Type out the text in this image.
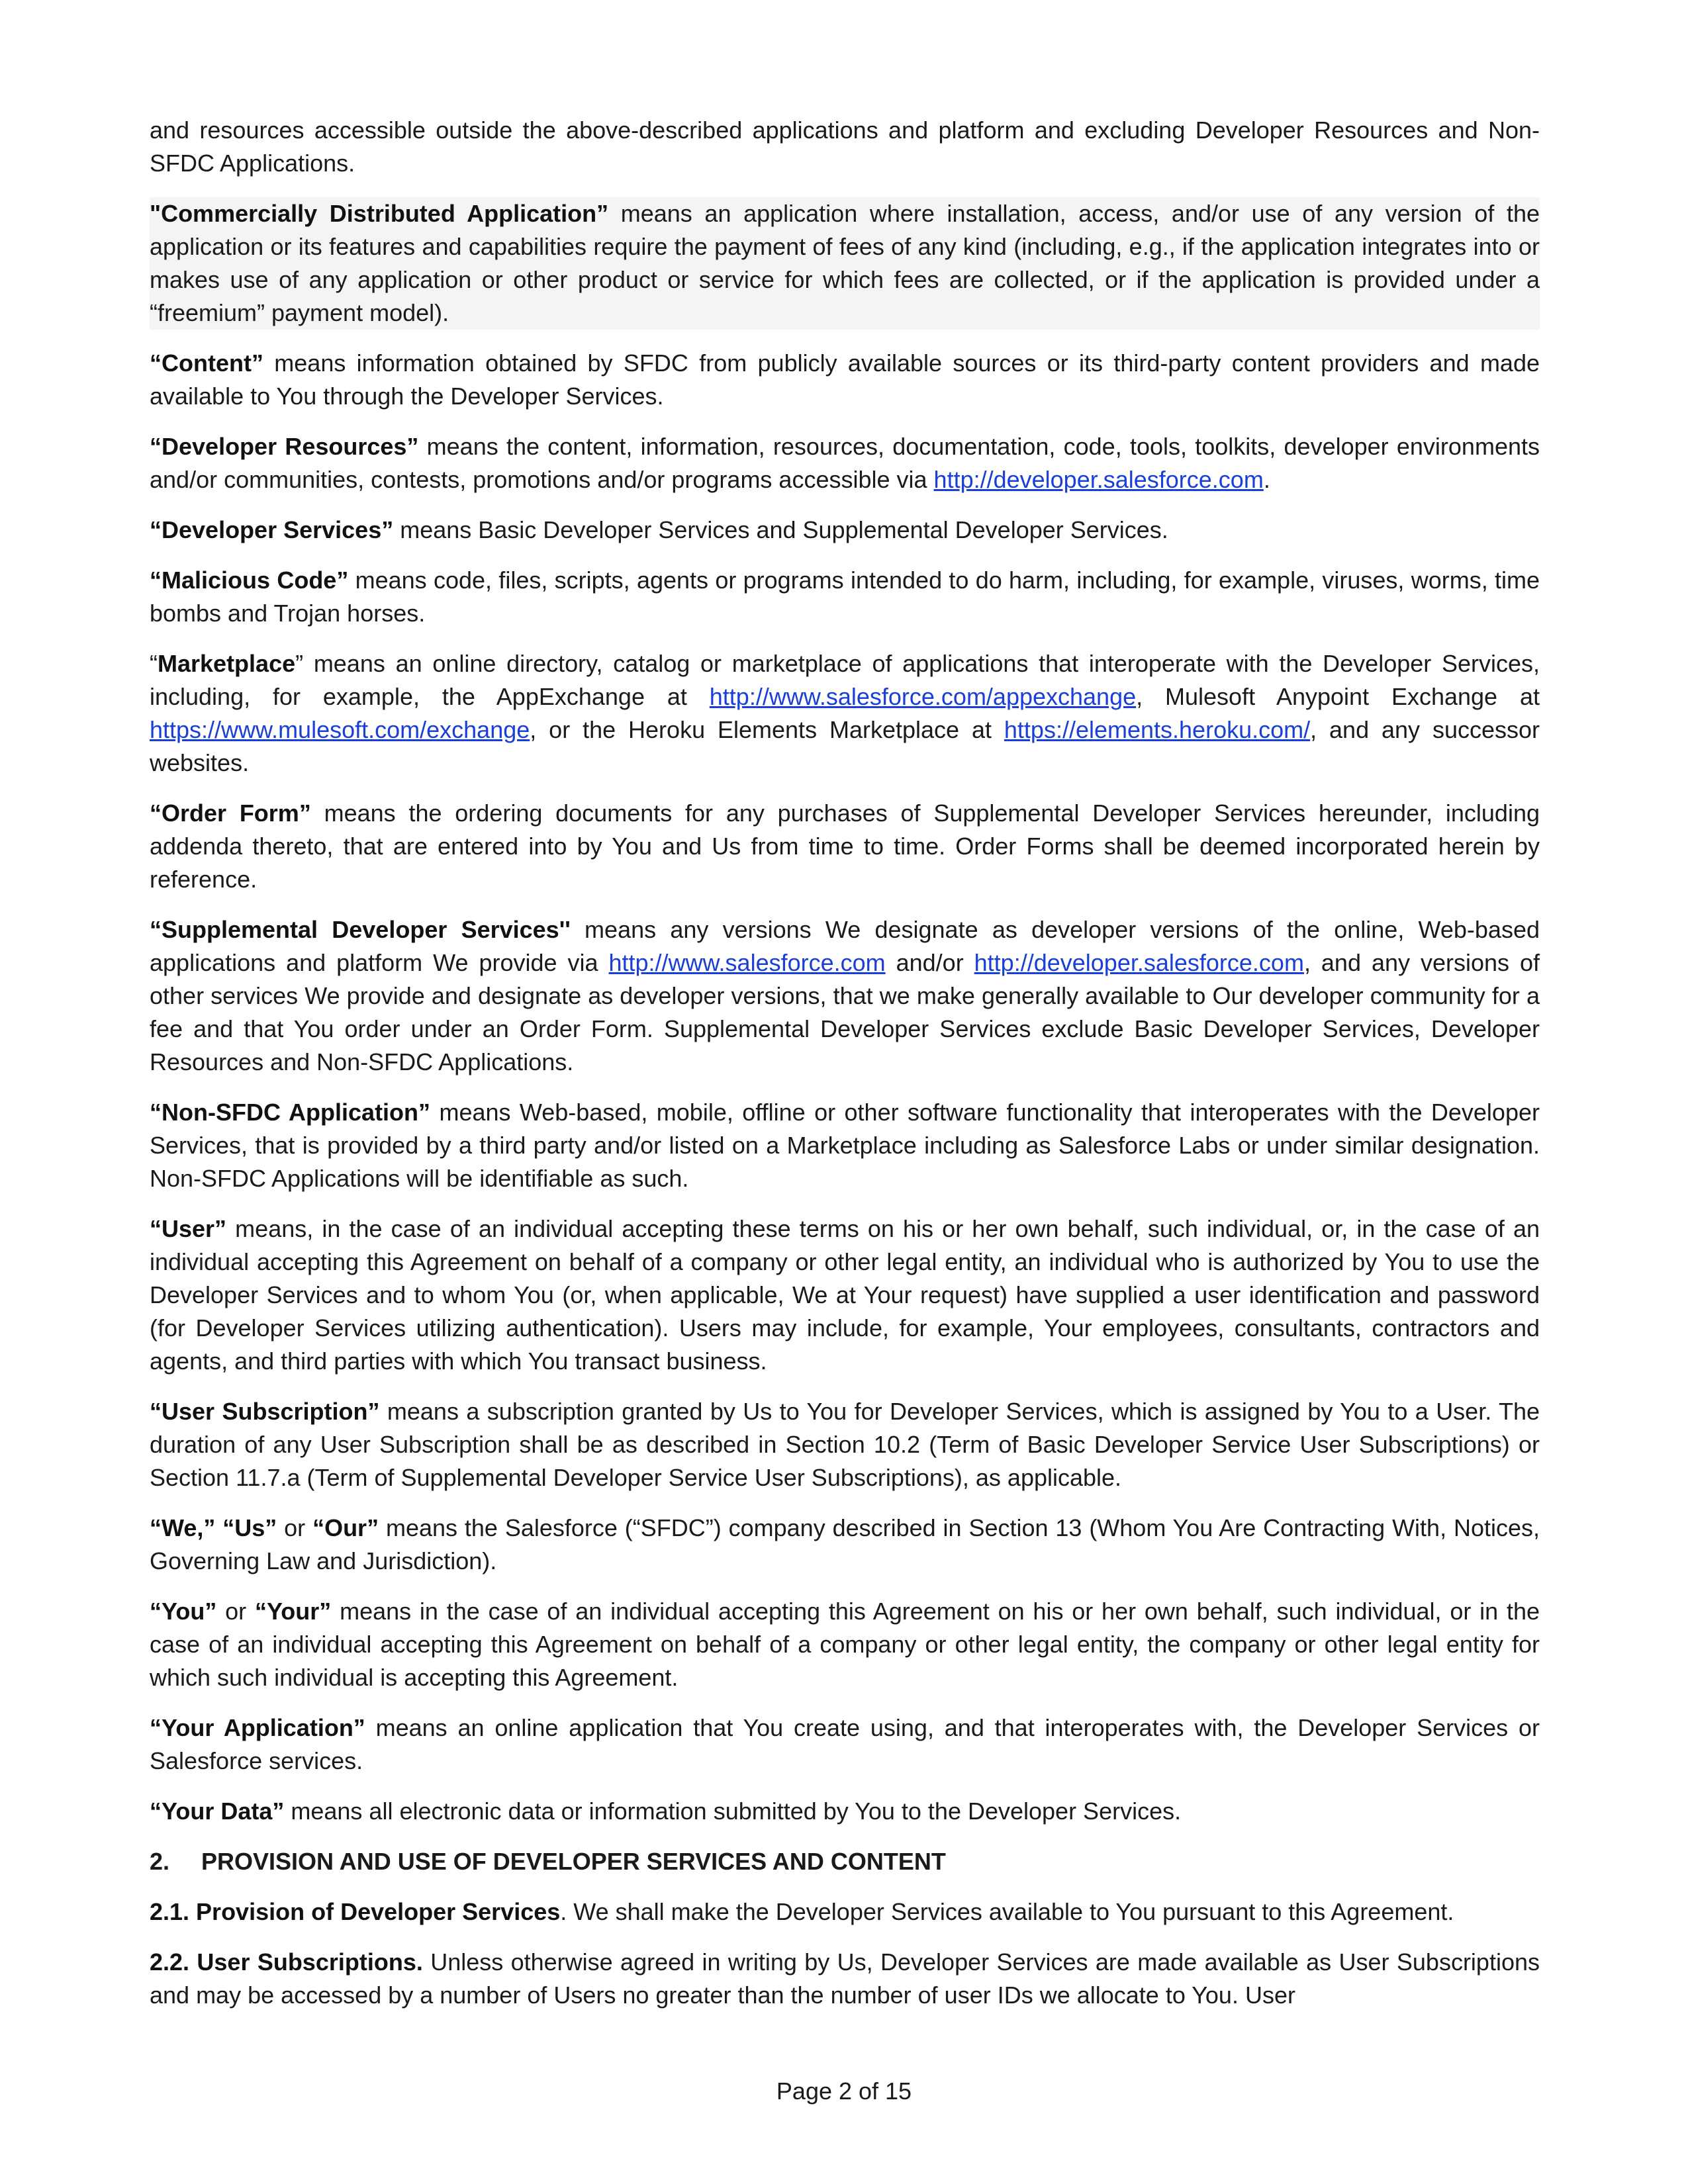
and resources accessible outside the above-described applications and platform and excluding Developer Resources and Non-SFDC Applications.

"Commercially Distributed Application” means an application where installation, access, and/or use of any version of the application or its features and capabilities require the payment of fees of any kind (including, e.g., if the application integrates into or makes use of any application or other product or service for which fees are collected, or if the application is provided under a “freemium” payment model).

“Content” means information obtained by SFDC from publicly available sources or its third-party content providers and made available to You through the Developer Services.

“Developer Resources” means the content, information, resources, documentation, code, tools, toolkits, developer environments and/or communities, contests, promotions and/or programs accessible via http://developer.salesforce.com.

“Developer Services” means Basic Developer Services and Supplemental Developer Services.

“Malicious Code” means code, files, scripts, agents or programs intended to do harm, including, for example, viruses, worms, time bombs and Trojan horses.

“Marketplace” means an online directory, catalog or marketplace of applications that interoperate with the Developer Services, including, for example, the AppExchange at http://www.salesforce.com/appexchange, Mulesoft Anypoint Exchange at https://www.mulesoft.com/exchange, or the Heroku Elements Marketplace at https://elements.heroku.com/, and any successor websites.

“Order Form” means the ordering documents for any purchases of Supplemental Developer Services hereunder, including addenda thereto, that are entered into by You and Us from time to time. Order Forms shall be deemed incorporated herein by reference.

“Supplemental Developer Services'' means any versions We designate as developer versions of the online, Web-based applications and platform We provide via http://www.salesforce.com and/or http://developer.salesforce.com, and any versions of other services We provide and designate as developer versions, that we make generally available to Our developer community for a fee and that You order under an Order Form. Supplemental Developer Services exclude Basic Developer Services, Developer Resources and Non-SFDC Applications.

“Non-SFDC Application” means Web-based, mobile, offline or other software functionality that interoperates with the Developer Services, that is provided by a third party and/or listed on a Marketplace including as Salesforce Labs or under similar designation. Non-SFDC Applications will be identifiable as such.

“User” means, in the case of an individual accepting these terms on his or her own behalf, such individual, or, in the case of an individual accepting this Agreement on behalf of a company or other legal entity, an individual who is authorized by You to use the Developer Services and to whom You (or, when applicable, We at Your request) have supplied a user identification and password (for Developer Services utilizing authentication). Users may include, for example, Your employees, consultants, contractors and agents, and third parties with which You transact business.

“User Subscription” means a subscription granted by Us to You for Developer Services, which is assigned by You to a User. The duration of any User Subscription shall be as described in Section 10.2 (Term of Basic Developer Service User Subscriptions) or Section 11.7.a (Term of Supplemental Developer Service User Subscriptions), as applicable.

“We,” “Us” or “Our” means the Salesforce (“SFDC”) company described in Section 13 (Whom You Are Contracting With, Notices, Governing Law and Jurisdiction).

“You” or “Your” means in the case of an individual accepting this Agreement on his or her own behalf, such individual, or in the case of an individual accepting this Agreement on behalf of a company or other legal entity, the company or other legal entity for which such individual is accepting this Agreement.

“Your Application” means an online application that You create using, and that interoperates with, the Developer Services or Salesforce services.

“Your Data” means all electronic data or information submitted by You to the Developer Services.

2. PROVISION AND USE OF DEVELOPER SERVICES AND CONTENT

2.1. Provision of Developer Services. We shall make the Developer Services available to You pursuant to this Agreement.

2.2. User Subscriptions. Unless otherwise agreed in writing by Us, Developer Services are made available as User Subscriptions and may be accessed by a number of Users no greater than the number of user IDs we allocate to You. User

Page 2 of 15
